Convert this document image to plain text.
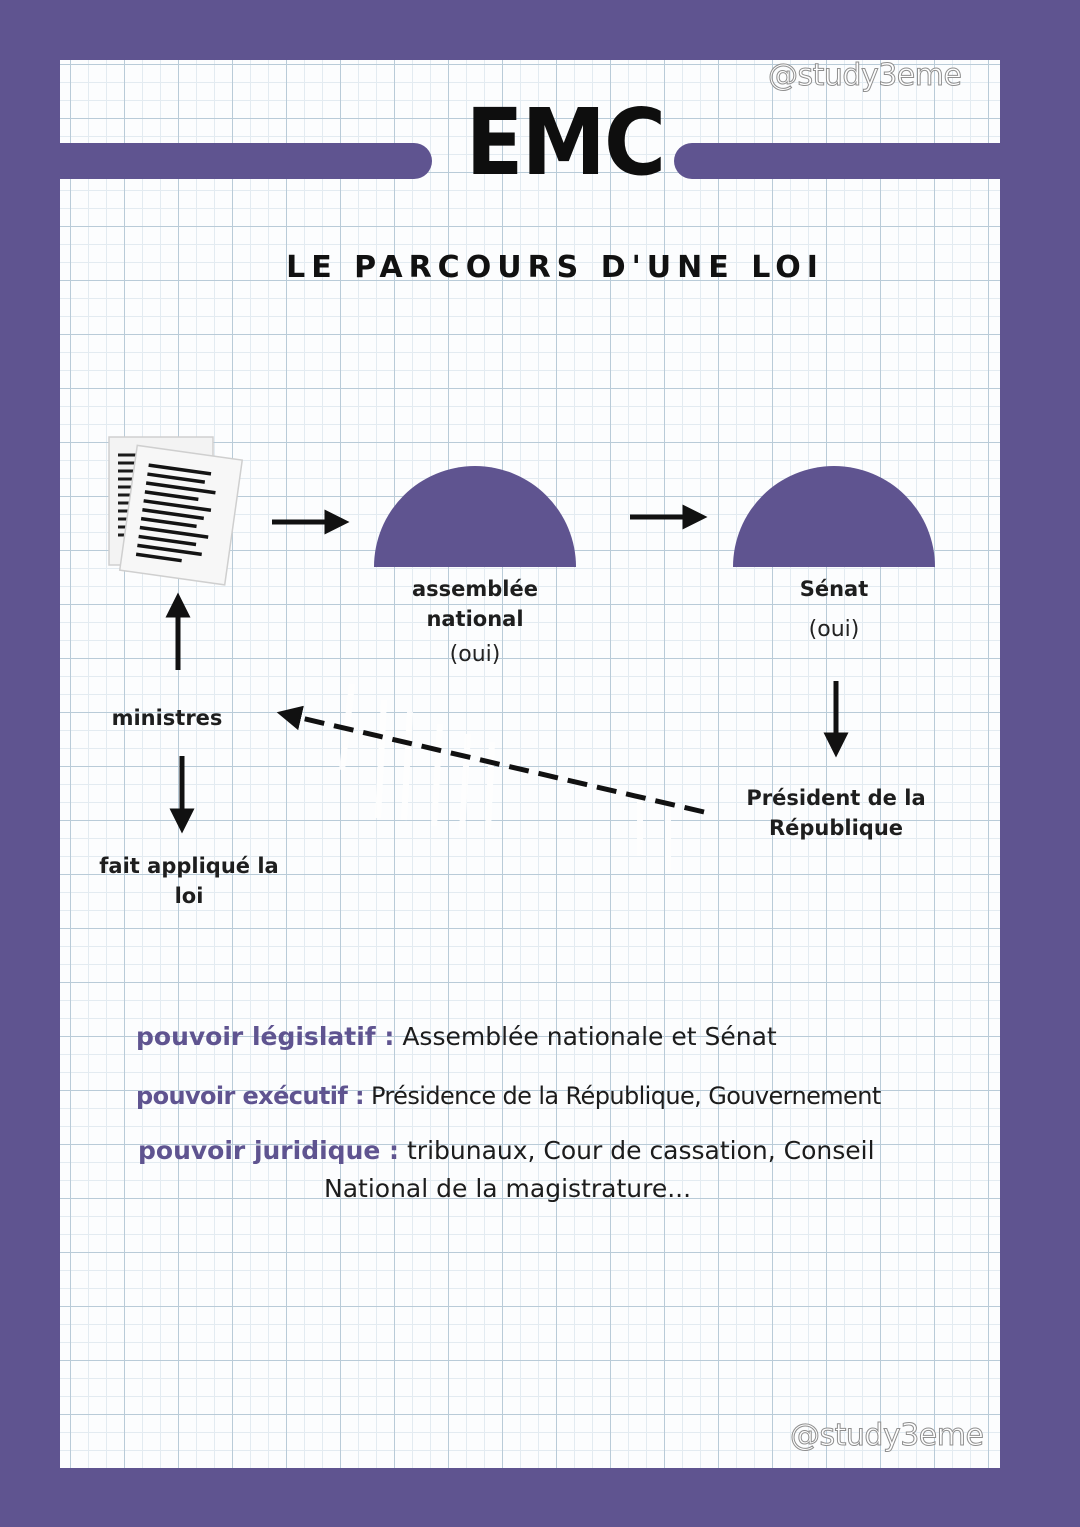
EMC
@study3eme
@study3eme
LE PARCOURS D'UNE LOI
assemblée
national
(oui)
Sénat
(oui)
Président de la
République
ministres
fait appliqué la
loi
pouvoir législatif : Assemblée nationale et Sénat
pouvoir exécutif : Présidence de la République, Gouvernement
pouvoir juridique : tribunaux, Cour de cassation, Conseil
National de la magistrature...
